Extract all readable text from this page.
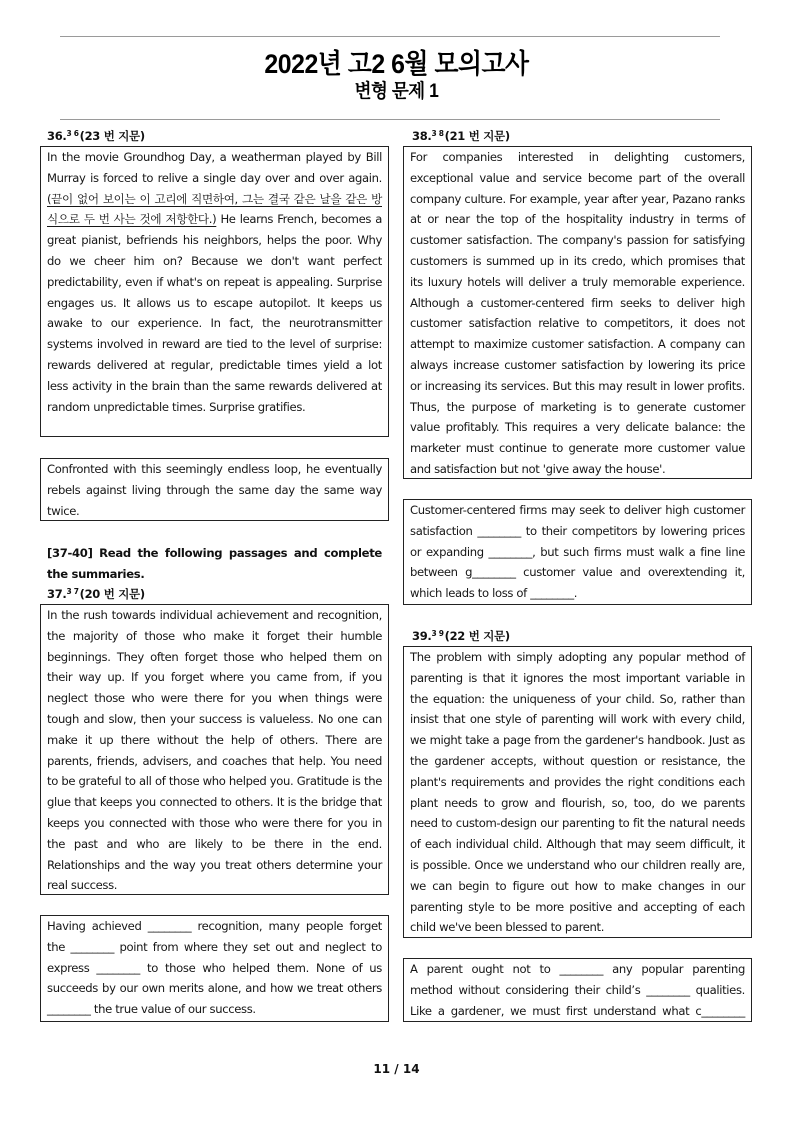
2022년 고2 6월 모의고사
변형 문제 1
36.$^{3 6}$(23 번 지문)

In the movie Groundhog Day, a weatherman played by Bill Murray is forced to relive a single day over and over again. (끝이 없어 보이는 이 고리에 직면하여, 그는 결국 같은 날을 같은 방식으로 두 번 사는 것에 저항한다.) He learns French, becomes a great pianist, befriends his neighbors, helps the poor. Why do we cheer him on? Because we don't want perfect predictability, even if what's on repeat is appealing. Surprise engages us. It allows us to escape autopilot. It keeps us awake to our experience. In fact, the neurotransmitter systems involved in reward are tied to the level of surprise: rewards delivered at regular, predictable times yield a lot less activity in the brain than the same rewards delivered at random unpredictable times. Surprise gratifies.

Confronted with this seemingly endless loop, he eventually rebels against living through the same day the same way twice.

[37-40] Read the following passages and complete the summaries.
37.$^{3 7}$(20 번 지문)

In the rush towards individual achievement and recognition, the majority of those who make it forget their humble beginnings. They often forget those who helped them on their way up. If you forget where you came from, if you neglect those who were there for you when things were tough and slow, then your success is valueless. No one can make it up there without the help of others. There are parents, friends, advisers, and coaches that help. You need to be grateful to all of those who helped you. Gratitude is the glue that keeps you connected to others. It is the bridge that keeps you connected with those who were there for you in the past and who are likely to be there in the end. Relationships and the way you treat others determine your real success.

Having achieved ________ recognition, many people forget the ________ point from where they set out and neglect to express ________ to those who helped them. None of us succeeds by our own merits alone, and how we treat others ________ the true value of our success.

38.$^{3 8}$(21 번 지문)

For companies interested in delighting customers, exceptional value and service become part of the overall company culture. For example, year after year, Pazano ranks at or near the top of the hospitality industry in terms of customer satisfaction. The company's passion for satisfying customers is summed up in its credo, which promises that its luxury hotels will deliver a truly memorable experience. Although a customer-centered firm seeks to deliver high customer satisfaction relative to competitors, it does not attempt to maximize customer satisfaction. A company can always increase customer satisfaction by lowering its price or increasing its services. But this may result in lower profits. Thus, the purpose of marketing is to generate customer value profitably. This requires a very delicate balance: the marketer must continue to generate more customer value and satisfaction but not 'give away the house'.

Customer-centered firms may seek to deliver high customer satisfaction ________ to their competitors by lowering prices or expanding ________, but such firms must walk a fine line between g________ customer value and overextending it, which leads to loss of ________.

39.$^{3 9}$(22 번 지문)

The problem with simply adopting any popular method of parenting is that it ignores the most important variable in the equation: the uniqueness of your child. So, rather than insist that one style of parenting will work with every child, we might take a page from the gardener's handbook. Just as the gardener accepts, without question or resistance, the plant's requirements and provides the right conditions each plant needs to grow and flourish, so, too, do we parents need to custom-design our parenting to fit the natural needs of each individual child. Although that may seem difficult, it is possible. Once we understand who our children really are, we can begin to figure out how to make changes in our parenting style to be more positive and accepting of each child we've been blessed to parent.

A parent ought not to ________ any popular parenting method without considering their child’s ________ qualities. Like a gardener, we must first understand what c________

11 / 14
